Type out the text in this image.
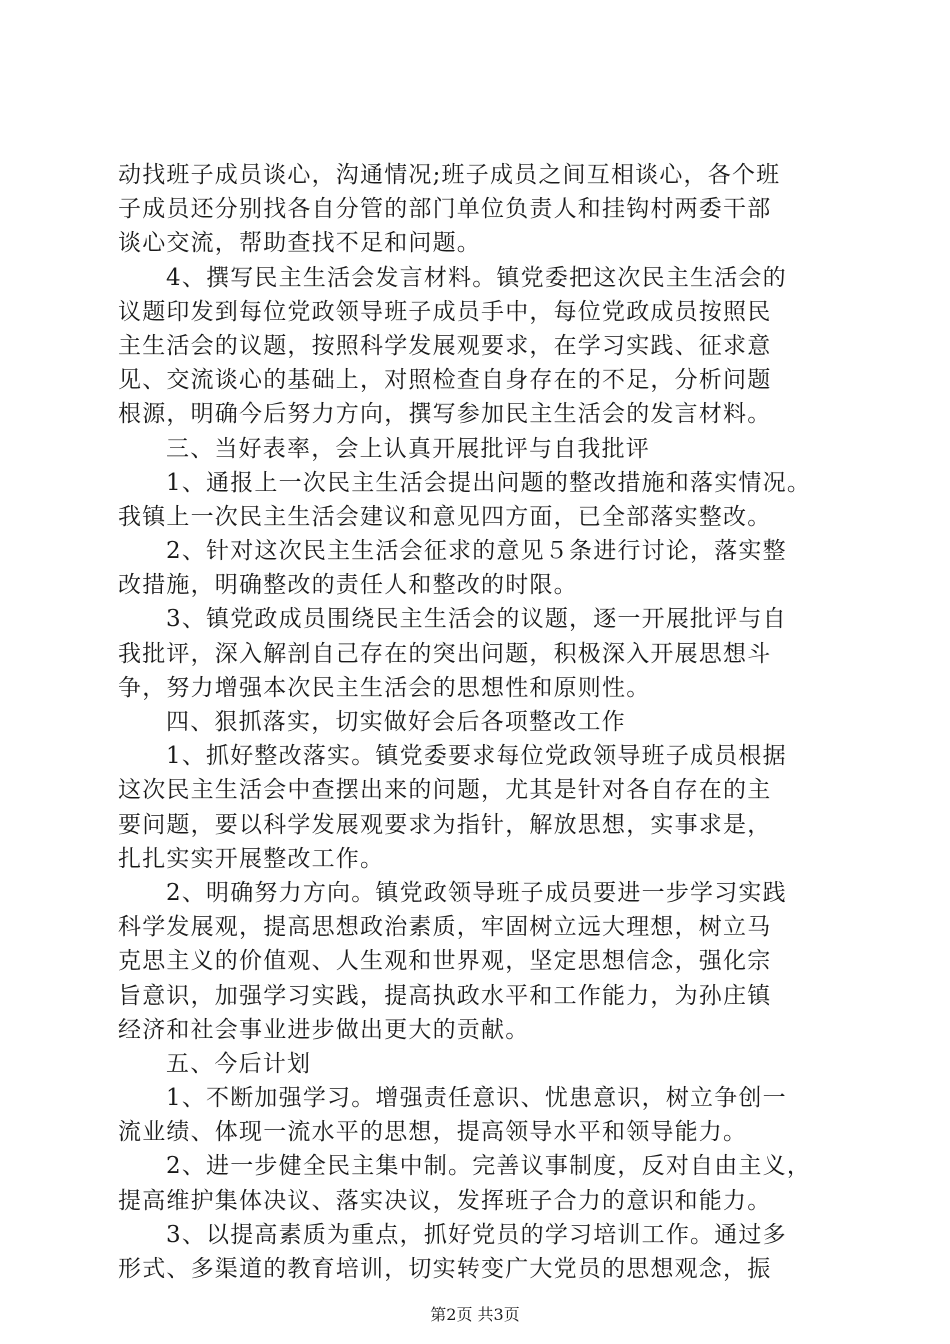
动找班子成员谈心，沟通情况;班子成员之间互相谈心，各个班
子成员还分别找各自分管的部门单位负责人和挂钩村两委干部
谈心交流，帮助查找不足和问题。
4、撰写民主生活会发言材料。镇党委把这次民主生活会的
议题印发到每位党政领导班子成员手中，每位党政成员按照民
主生活会的议题，按照科学发展观要求，在学习实践、征求意
见、交流谈心的基础上，对照检查自身存在的不足，分析问题
根源，明确今后努力方向，撰写参加民主生活会的发言材料。
三、当好表率，会上认真开展批评与自我批评
1、通报上一次民主生活会提出问题的整改措施和落实情况。
我镇上一次民主生活会建议和意见四方面，已全部落实整改。
2、针对这次民主生活会征求的意见５条进行讨论，落实整
改措施，明确整改的责任人和整改的时限。
3、镇党政成员围绕民主生活会的议题，逐一开展批评与自
我批评，深入解剖自己存在的突出问题，积极深入开展思想斗
争，努力增强本次民主生活会的思想性和原则性。
四、狠抓落实，切实做好会后各项整改工作
1、抓好整改落实。镇党委要求每位党政领导班子成员根据
这次民主生活会中查摆出来的问题，尤其是针对各自存在的主
要问题，要以科学发展观要求为指针，解放思想，实事求是，
扎扎实实开展整改工作。
2、明确努力方向。镇党政领导班子成员要进一步学习实践
科学发展观，提高思想政治素质，牢固树立远大理想，树立马
克思主义的价值观、人生观和世界观，坚定思想信念，强化宗
旨意识，加强学习实践，提高执政水平和工作能力，为孙庄镇
经济和社会事业进步做出更大的贡献。
五、今后计划
1、不断加强学习。增强责任意识、忧患意识，树立争创一
流业绩、体现一流水平的思想，提高领导水平和领导能力。
2、进一步健全民主集中制。完善议事制度，反对自由主义，
提高维护集体决议、落实决议，发挥班子合力的意识和能力。
3、以提高素质为重点，抓好党员的学习培训工作。通过多
形式、多渠道的教育培训，切实转变广大党员的思想观念，振
第2页 共3页
